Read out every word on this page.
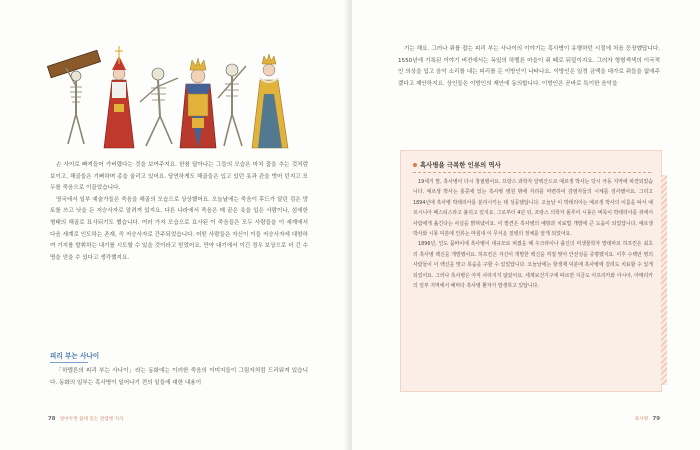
손 사이로 빠져들어 가버렸다는 것을 보여주지요. 한참 달아나는 그들의 모습은 마치 춤을 추는 것처럼 보이고, 해골들은 기뻐하며 종을 울리고 있어요. 당연하게도 해골들은 입고 있던 옷과 관을 벗어 던지고 모두를 죽음으로 이끌었습니다.

영국에서 일부 예술가들은 죽음을 해골의 모습으로 상상했어요. 오늘날에는 죽음이 후드가 달린 검은 망토를 쓰고 낫을 든 저승사자로 알려져 있지요. 다른 나라에서 죽음은 매 끝은 옷을 입은 사람이나, 섬세한 형태의 해골로 묘사되기도 했습니다. 여러 가지 모습으로 묘사된 이 죽음들은 모두 사람들을 이 세계에서 다음 세계로 인도하는 존재, 즉 저승사자로 간주되었습니다. 어떤 사람들은 자신이 이들 저승사자에 대항하여 기지를 발휘하는 내기를 시도할 수 있을 것이라고 믿었어요. 만약 내기에서 이긴 경우 보상으로 더 긴 수명을 얻을 수 있다고 생각했지요.

피리 부는 사나이

「하멜른의 피리 부는 사나이」라는 동화에는 이러한 죽음의 이미지들이 그림자처럼 드리워져 있습니다. 동화의 일부는 흑사병이 일어나기 전의 일들에 대한 내용이

78 알아두면 쓸데 있는 전염병 지식

기는 해요. 그러나 쥐를 잡는 피리 부는 사나이의 이야기는 흑사병이 유행하던 시절에 처음 등장했답니다. 1550년에 기록된 이야기 버전에서는 독일의 하멜른 마을이 쥐 떼로 뒤덮이지요. 그러자 형형색색의 이국적인 의상을 입고 음악 소리를 내는 피리를 든 이방인이 나타나요. 이방인은 일정 금액을 대가로 쥐들을 없애주겠다고 제안하지요. 상인들은 이방인의 제안에 동의합니다. 이방인은 곧바로 특이한 음악을

흑사병을 극복한 인류의 역사

19세기 말, 흑사병이 다시 창궐했어요. 프랑스 과학자 알렉산드르 예르생 박사는 당시 극동 지역에 파견되었습니다. 예르생 박사는 홍콩에 있는 흑사병 병원 밖에 자리를 마련하여 감염자들의 시체를 검사했어요. 그리고 1894년에 흑사병 박테리아를 분리시키는 데 성공했답니다. 오늘날 이 박테리아는 예르생 박사의 이름을 따서 예르시니아 페스티스라고 불리고 있지요. 그로부터 4년 뒤, 프랑스 의학자 폴루이 시몽은 벼룩이 박테리아를 쥐에서 사람에게 옮긴다는 사실을 밝혀냈어요. 이 발견은 흑사병의 예방과 치료법 개발에 큰 도움이 되었답니다. 예르생 박사와 시몽 덕분에 인류는 마침내 이 무서운 질병의 정체를 알게 되었어요.

1896년, 인도 뭄바이에 흑사병이 대규모로 퍼졌을 때 우크라이나 출신의 미생물학자 발데마르 하프킨은 최초의 흑사병 백신을 개발했어요. 하프킨은 자신이 개발한 백신을 직접 맞아 안전성을 증명했지요. 이후 수백만 명의 사람들이 이 백신을 맞고 목숨을 구할 수 있었답니다. 오늘날에는 항생제 덕분에 흑사병에 걸려도 치료할 수 있게 되었어요. 그러나 흑사병은 아직 사라지지 않았어요. 세계보건기구에 따르면 지금도 아프리카와 아시아, 아메리카의 일부 지역에서 해마다 흑사병 환자가 발생하고 있답니다.

흑사병 79
